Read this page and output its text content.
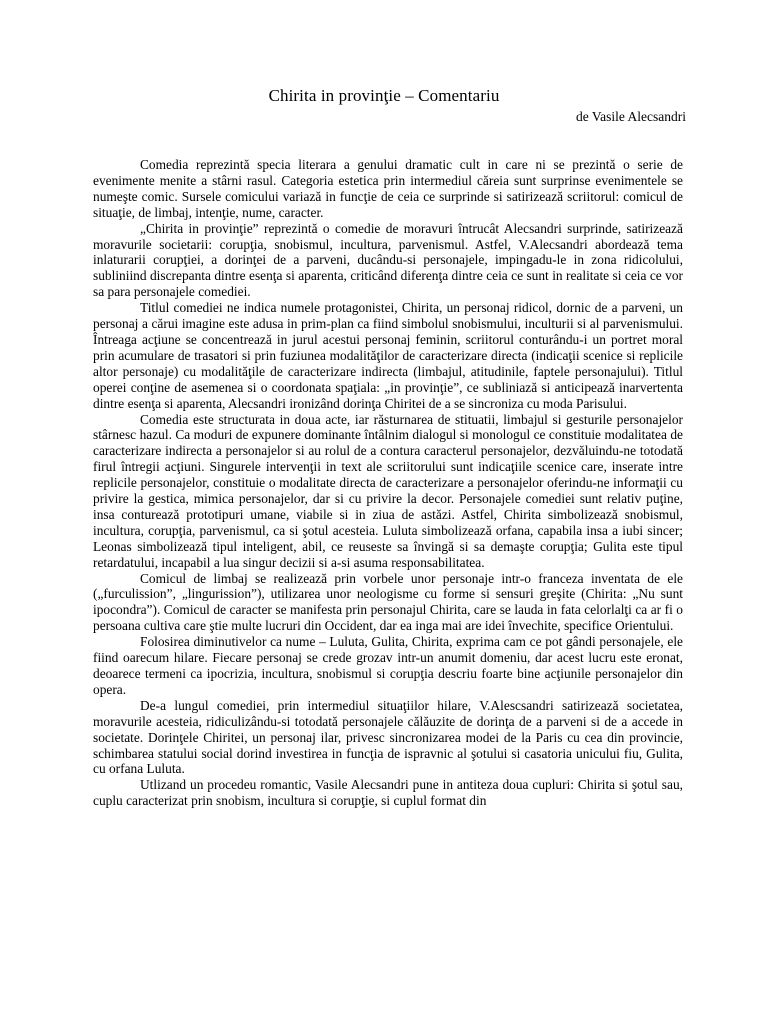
Chirita in provinţie – Comentariu

de Vasile Alecsandri

Comedia reprezintă specia literara a genului dramatic cult in care ni se prezintă o serie de evenimente menite a stârni rasul. Categoria estetica prin intermediul căreia sunt surprinse evenimentele se numeşte comic. Sursele comicului variază in funcţie de ceia ce surprinde si satirizează scriitorul: comicul de situaţie, de limbaj, intenţie, nume, caracter.

„Chirita in provinţie” reprezintă o comedie de moravuri întrucât Alecsandri surprinde, satirizează moravurile societarii: corupţia, snobismul, incultura, parvenismul. Astfel, V.Alecsandri abordează tema inlaturarii corupţiei, a dorinţei de a parveni, ducându-si personajele, impingadu-le in zona ridicolului, subliniind discrepanta dintre esenţa si aparenta, criticând diferenţa dintre ceia ce sunt in realitate si ceia ce vor sa para personajele comediei.

Titlul comediei ne indica numele protagonistei, Chirita, un personaj ridicol, dornic de a parveni, un personaj a cărui imagine este adusa in prim-plan ca fiind simbolul snobismului, inculturii si al parvenismului. Întreaga acţiune se concentrează in jurul acestui personaj feminin, scriitorul conturându-i un portret moral prin acumulare de trasatori si prin fuziunea modalităţilor de caracterizare directa (indicaţii scenice si replicile altor personaje) cu modalităţile de caracterizare indirecta (limbajul, atitudinile, faptele personajului). Titlul operei conţine de asemenea si o coordonata spaţiala: „in provinţie”, ce subliniază si anticipează inarvertenta dintre esenţa si aparenta, Alecsandri ironizând dorinţa Chiritei de a se sincroniza cu moda Parisului.

Comedia este structurata in doua acte, iar răsturnarea de stituatii, limbajul si gesturile personajelor stârnesc hazul. Ca moduri de expunere dominante întâlnim dialogul si monologul ce constituie modalitatea de caracterizare indirecta a personajelor si au rolul de a contura caracterul personajelor, dezvăluindu-ne totodată firul întregii acţiuni. Singurele intervenţii in text ale scriitorului sunt indicaţiile scenice care, inserate intre replicile personajelor, constituie o modalitate directa de caracterizare a personajelor oferindu-ne informaţii cu privire la gestica, mimica personajelor, dar si cu privire la decor. Personajele comediei sunt relativ puţine, insa conturează prototipuri umane, viabile si in ziua de astăzi. Astfel, Chirita simbolizează snobismul, incultura, corupţia, parvenismul, ca si şotul acesteia. Luluta simbolizează orfana, capabila insa a iubi sincer; Leonas simbolizează tipul inteligent, abil, ce reuseste sa învingă si sa demaşte corupţia; Gulita este tipul retardatului, incapabil a lua singur decizii si a-si asuma responsabilitatea.

Comicul de limbaj se realizează prin vorbele unor personaje intr-o franceza inventata de ele („furculission”, „lingurission”), utilizarea unor neologisme cu forme si sensuri greşite (Chirita: „Nu sunt ipocondra”). Comicul de caracter se manifesta prin personajul Chirita, care se lauda in fata celorlalţi ca ar fi o persoana cultiva care ştie multe lucruri din Occident, dar ea inga mai are idei învechite, specifice Orientului.

Folosirea diminutivelor ca nume – Luluta, Gulita, Chirita, exprima cam ce pot gândi personajele, ele fiind oarecum hilare. Fiecare personaj se crede grozav intr-un anumit domeniu, dar acest lucru este eronat, deoarece termeni ca ipocrizia, incultura, snobismul si corupţia descriu foarte bine acţiunile personajelor din opera.

De-a lungul comediei, prin intermediul situaţiilor hilare, V.Alescsandri satirizează societatea, moravurile acesteia, ridiculizându-si totodată personajele călăuzite de dorinţa de a parveni si de a accede in societate. Dorinţele Chiritei, un personaj ilar, privesc sincronizarea modei de la Paris cu cea din provincie, schimbarea statului social dorind investirea in funcţia de ispravnic al şotului si casatoria unicului fiu, Gulita, cu orfana Luluta.

Utlizand un procedeu romantic, Vasile Alecsandri pune in antiteza doua cupluri: Chirita si şotul sau, cuplu caracterizat prin snobism, incultura si corupţie, si cuplul format din
